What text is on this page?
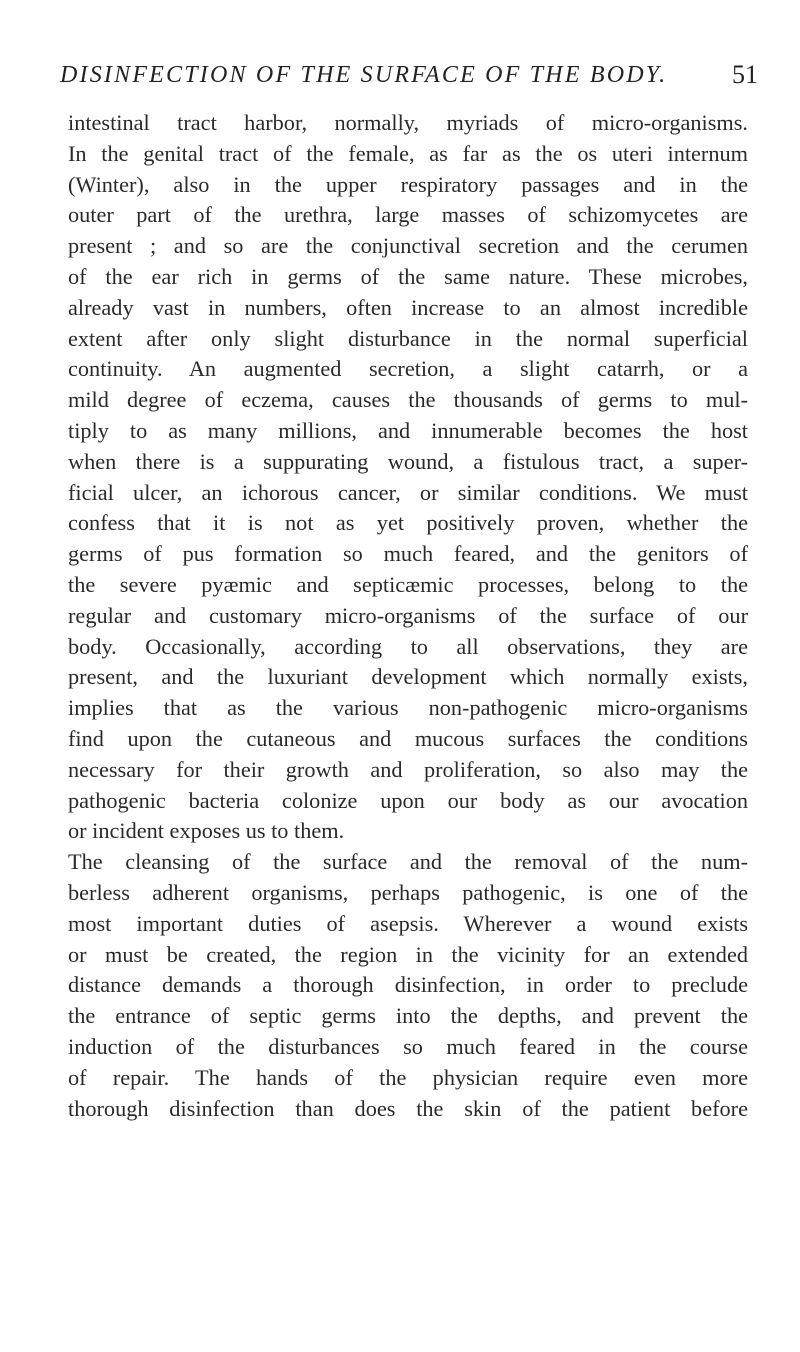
DISINFECTION OF THE SURFACE OF THE BODY. 51
intestinal tract harbor, normally, myriads of micro-organisms.
In the genital tract of the female, as far as the os uteri internum
(Winter), also in the upper respiratory passages and in the
outer part of the urethra, large masses of schizomycetes are
present ; and so are the conjunctival secretion and the cerumen
of the ear rich in germs of the same nature. These microbes,
already vast in numbers, often increase to an almost incredible
extent after only slight disturbance in the normal superficial
continuity. An augmented secretion, a slight catarrh, or a
mild degree of eczema, causes the thousands of germs to mul-
tiply to as many millions, and innumerable becomes the host
when there is a suppurating wound, a fistulous tract, a super-
ficial ulcer, an ichorous cancer, or similar conditions. We must
confess that it is not as yet positively proven, whether the
germs of pus formation so much feared, and the genitors of
the severe pyæmic and septicæmic processes, belong to the
regular and customary micro-organisms of the surface of our
body. Occasionally, according to all observations, they are
present, and the luxuriant development which normally exists,
implies that as the various non-pathogenic micro-organisms
find upon the cutaneous and mucous surfaces the conditions
necessary for their growth and proliferation, so also may the
pathogenic bacteria colonize upon our body as our avocation
or incident exposes us to them.
The cleansing of the surface and the removal of the num-
berless adherent organisms, perhaps pathogenic, is one of the
most important duties of asepsis. Wherever a wound exists
or must be created, the region in the vicinity for an extended
distance demands a thorough disinfection, in order to preclude
the entrance of septic germs into the depths, and prevent the
induction of the disturbances so much feared in the course
of repair. The hands of the physician require even more
thorough disinfection than does the skin of the patient before
